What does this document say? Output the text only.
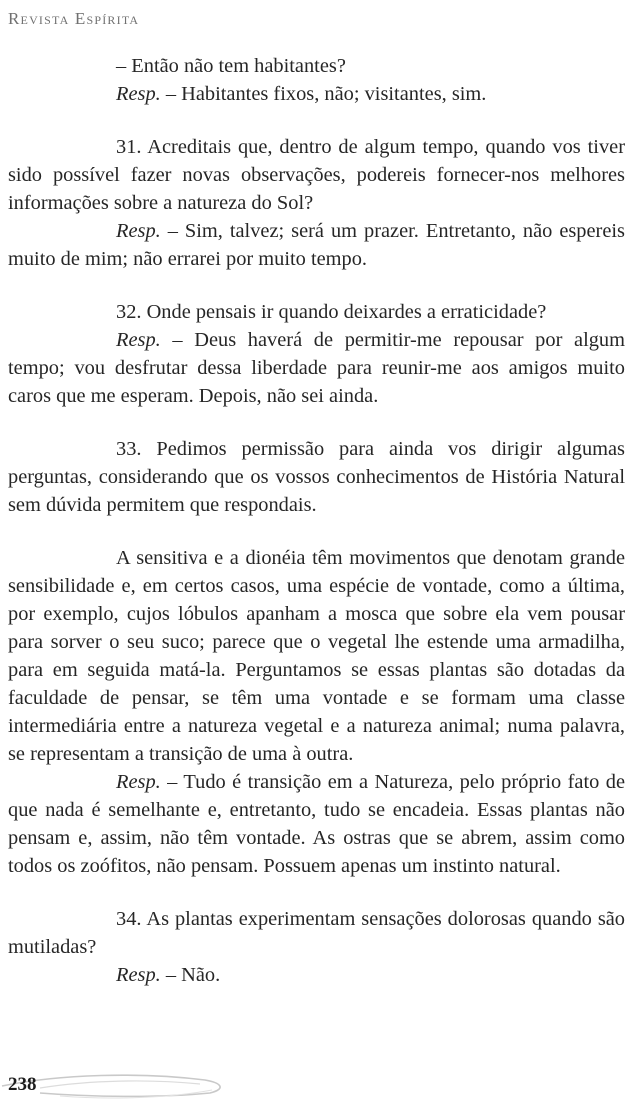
Revista Espírita

– Então não tem habitantes?

Resp. – Habitantes fixos, não; visitantes, sim.

31. Acreditais que, dentro de algum tempo, quando vos tiver sido possível fazer novas observações, podereis fornecer-nos melhores informações sobre a natureza do Sol?

Resp. – Sim, talvez; será um prazer. Entretanto, não espereis muito de mim; não errarei por muito tempo.

32. Onde pensais ir quando deixardes a erraticidade?

Resp. – Deus haverá de permitir-me repousar por algum tempo; vou desfrutar dessa liberdade para reunir-me aos amigos muito caros que me esperam. Depois, não sei ainda.

33. Pedimos permissão para ainda vos dirigir algumas perguntas, considerando que os vossos conhecimentos de História Natural sem dúvida permitem que respondais.

A sensitiva e a dionéia têm movimentos que denotam grande sensibilidade e, em certos casos, uma espécie de vontade, como a última, por exemplo, cujos lóbulos apanham a mosca que sobre ela vem pousar para sorver o seu suco; parece que o vegetal lhe estende uma armadilha, para em seguida matá-la. Perguntamos se essas plantas são dotadas da faculdade de pensar, se têm uma vontade e se formam uma classe intermediária entre a natureza vegetal e a natureza animal; numa palavra, se representam a transição de uma à outra.

Resp. – Tudo é transição em a Natureza, pelo próprio fato de que nada é semelhante e, entretanto, tudo se encadeia. Essas plantas não pensam e, assim, não têm vontade. As ostras que se abrem, assim como todos os zoófitos, não pensam. Possuem apenas um instinto natural.

34. As plantas experimentam sensações dolorosas quando são mutiladas?

Resp. – Não.

238
